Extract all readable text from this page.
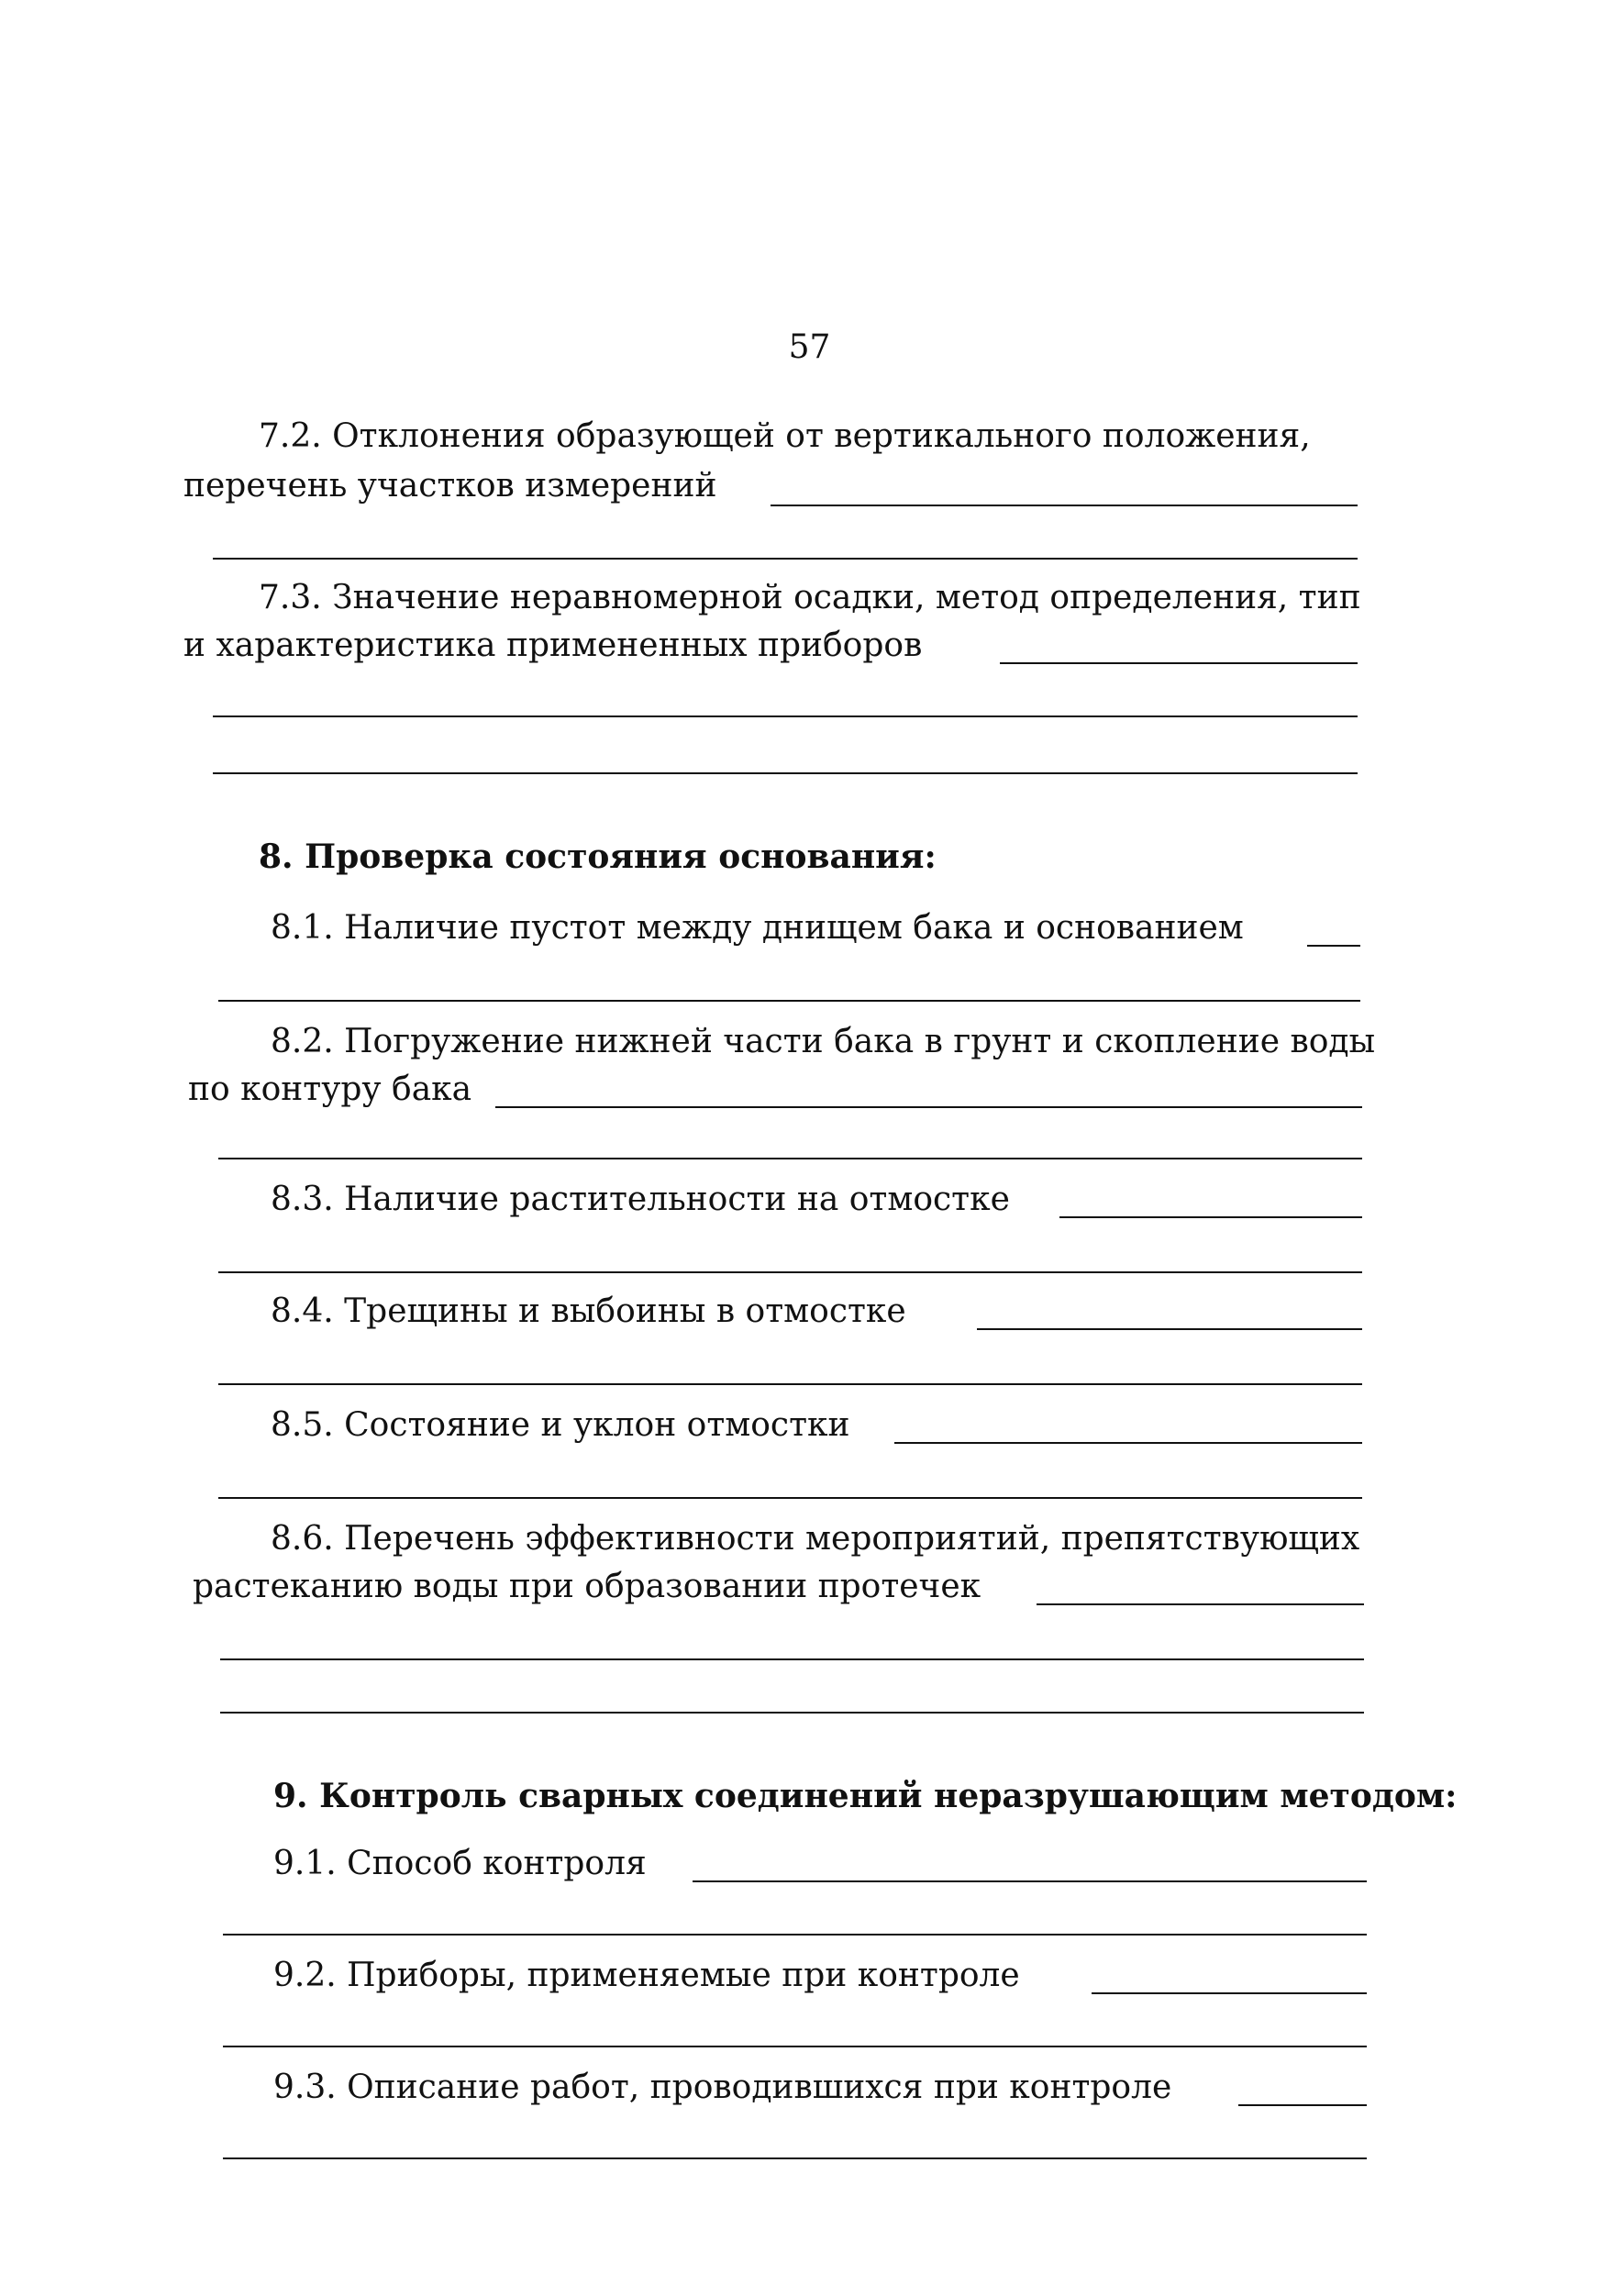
57
7.2. Отклонения образующей от вертикального положения,
перечень участков измерений
7.3. Значение неравномерной осадки, метод определения, тип
и характеристика примененных приборов
8. Проверка состояния основания:
8.1. Наличие пустот между днищем бака и основанием
8.2. Погружение нижней части бака в грунт и скопление воды
по контуру бака
8.3. Наличие растительности на отмостке
8.4. Трещины и выбоины в отмостке
8.5. Состояние и уклон отмостки
8.6. Перечень эффективности мероприятий, препятствующих
растеканию воды при образовании протечек
9. Контроль сварных соединений неразрушающим методом:
9.1. Способ контроля
9.2. Приборы, применяемые при контроле
9.3. Описание работ, проводившихся при контроле
